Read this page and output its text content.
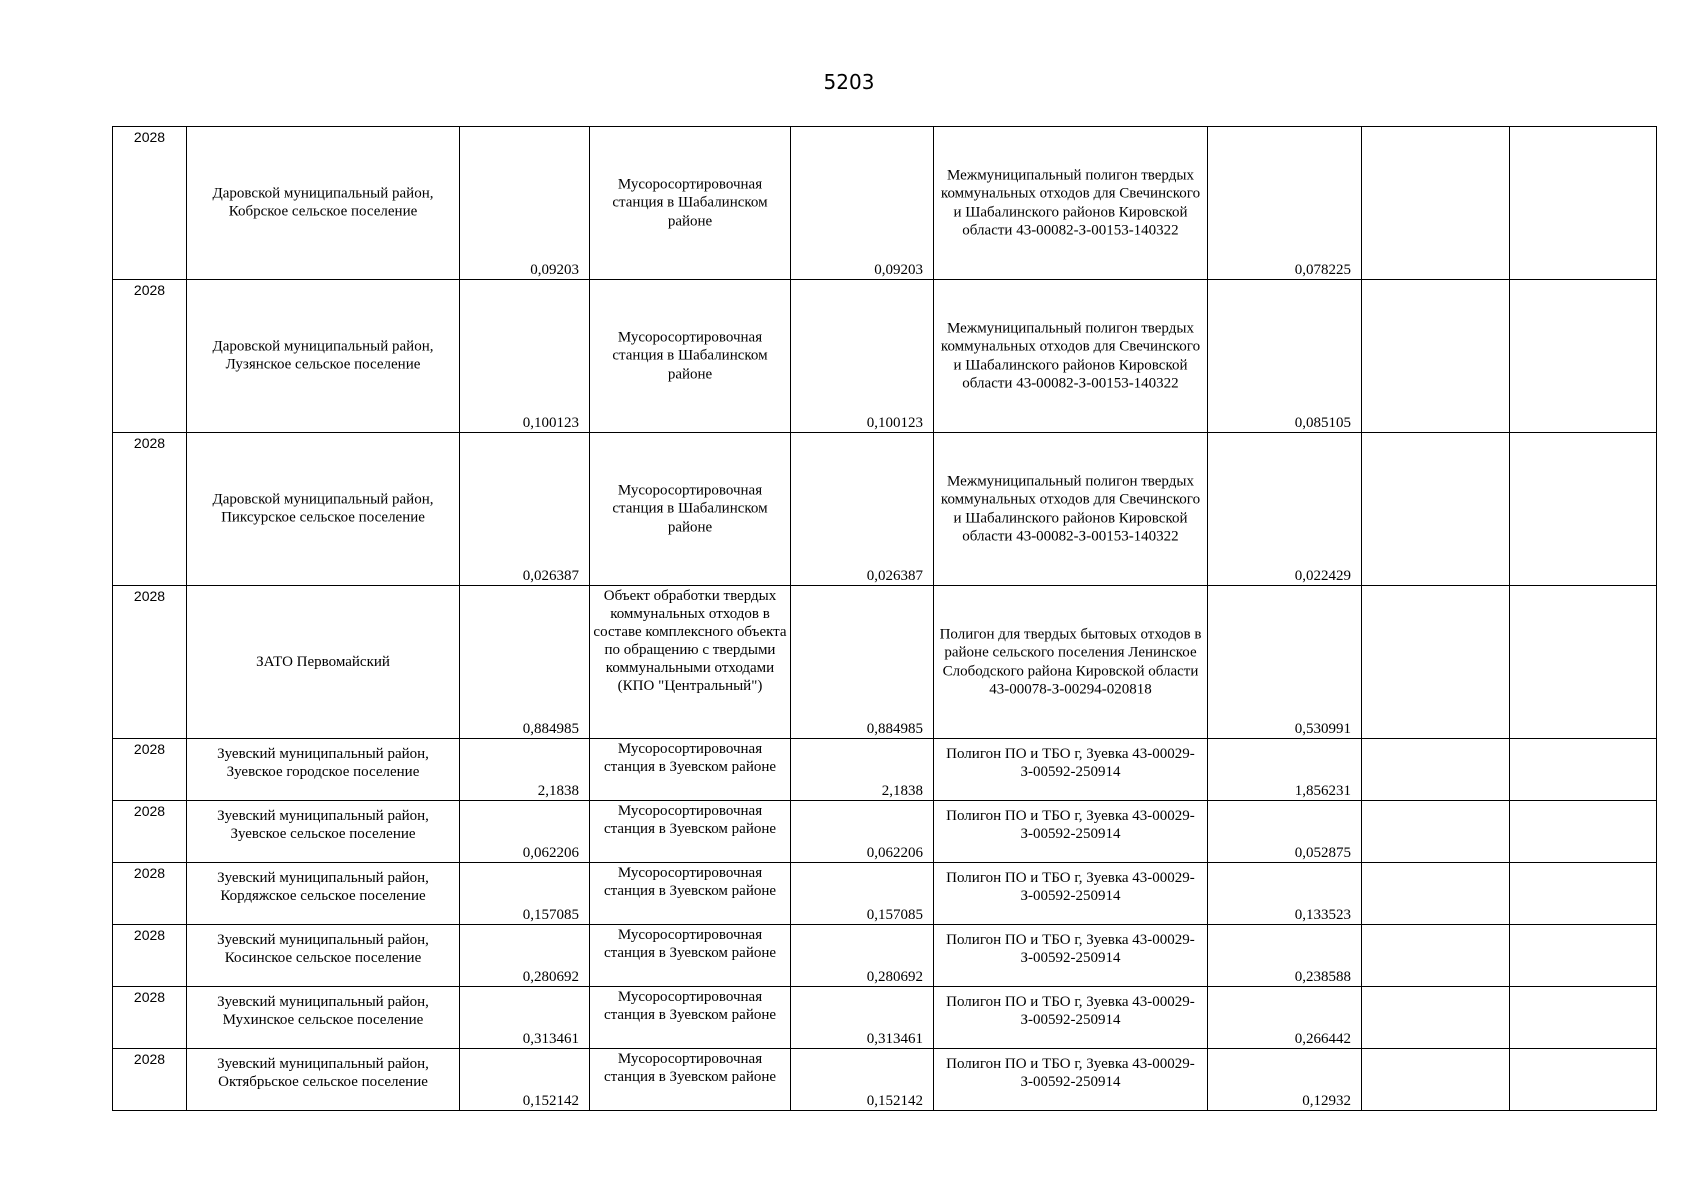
5203
2028	Даровской муниципальный район, Кобрское сельское поселение	0,09203	Мусоросортировочная станция в Шабалинском районе	0,09203	Межмуниципальный полигон твердых коммунальных отходов для Свечинского и Шабалинского районов Кировской области 43-00082-З-00153-140322	0,078225		

2028	Даровской муниципальный район, Лузянское сельское поселение	0,100123	Мусоросортировочная станция в Шабалинском районе	0,100123	Межмуниципальный полигон твердых коммунальных отходов для Свечинского и Шабалинского районов Кировской области 43-00082-З-00153-140322	0,085105		

2028	Даровской муниципальный район, Пиксурское сельское поселение	0,026387	Мусоросортировочная станция в Шабалинском районе	0,026387	Межмуниципальный полигон твердых коммунальных отходов для Свечинского и Шабалинского районов Кировской области 43-00082-З-00153-140322	0,022429		

2028	ЗАТО Первомайский	0,884985	Объект обработки твердых коммунальных отходов в составе комплексного объекта по обращению с твердыми коммунальными отходами (КПО "Центральный")	0,884985	Полигон для твердых бытовых отходов в районе сельского поселения Ленинское Слободского района Кировской области 43-00078-З-00294-020818	0,530991		

2028	Зуевский муниципальный район, Зуевское городское поселение	2,1838	Мусоросортировочная станция в Зуевском районе	2,1838	Полигон ПО и ТБО г, Зуевка 43-00029-З-00592-250914	1,856231		

2028	Зуевский муниципальный район, Зуевское сельское поселение	0,062206	Мусоросортировочная станция в Зуевском районе	0,062206	Полигон ПО и ТБО г, Зуевка 43-00029-З-00592-250914	0,052875		

2028	Зуевский муниципальный район, Кордяжское сельское поселение	0,157085	Мусоросортировочная станция в Зуевском районе	0,157085	Полигон ПО и ТБО г, Зуевка 43-00029-З-00592-250914	0,133523		

2028	Зуевский муниципальный район, Косинское сельское поселение	0,280692	Мусоросортировочная станция в Зуевском районе	0,280692	Полигон ПО и ТБО г, Зуевка 43-00029-З-00592-250914	0,238588		

2028	Зуевский муниципальный район, Мухинское сельское поселение	0,313461	Мусоросортировочная станция в Зуевском районе	0,313461	Полигон ПО и ТБО г, Зуевка 43-00029-З-00592-250914	0,266442		

2028	Зуевский муниципальный район, Октябрьское сельское поселение	0,152142	Мусоросортировочная станция в Зуевском районе	0,152142	Полигон ПО и ТБО г, Зуевка 43-00029-З-00592-250914	0,12932		
